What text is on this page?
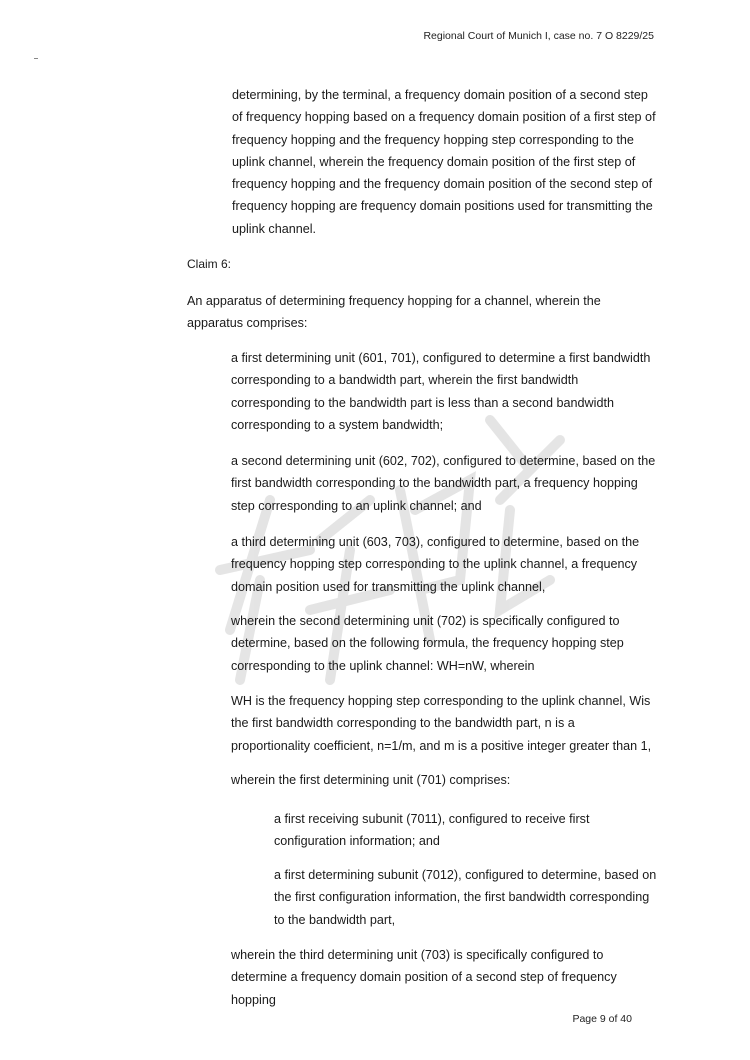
Regional Court of Munich I, case no. 7 O 8229/25

determining, by the terminal, a frequency domain position of a second step of frequency hopping based on a frequency domain position of a first step of frequency hopping and the frequency hopping step corresponding to the uplink channel, wherein the frequency domain position of the first step of frequency hopping and the frequency domain position of the second step of frequency hopping are frequency domain positions used for transmitting the uplink channel.

Claim 6:

An apparatus of determining frequency hopping for a channel, wherein the apparatus comprises:

a first determining unit (601, 701), configured to determine a first bandwidth corresponding to a bandwidth part, wherein the first bandwidth corresponding to the bandwidth part is less than a second bandwidth corresponding to a system bandwidth;

a second determining unit (602, 702), configured to determine, based on the first bandwidth corresponding to the bandwidth part, a frequency hopping step corresponding to an uplink channel; and

a third determining unit (603, 703), configured to determine, based on the frequency hopping step corresponding to the uplink channel, a frequency domain position used for transmitting the uplink channel,

wherein the second determining unit (702) is specifically configured to determine, based on the following formula, the frequency hopping step corresponding to the uplink channel: WH=nW, wherein

WH is the frequency hopping step corresponding to the uplink channel, Wis the first bandwidth corresponding to the bandwidth part, n is a proportionality coefficient, n=1/m, and m is a positive integer greater than 1,

wherein the first determining unit (701) comprises:

a first receiving subunit (7011), configured to receive first configuration information; and

a first determining subunit (7012), configured to determine, based on the first configuration information, the first bandwidth corresponding to the bandwidth part,

wherein the third determining unit (703) is specifically configured to determine a frequency domain position of a second step of frequency hopping

Page 9 of 40
